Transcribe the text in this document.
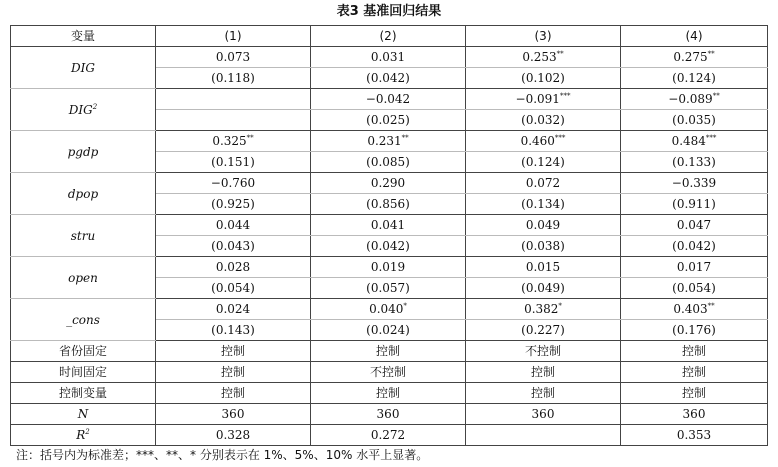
表3 基准回归结果
变量	(1)	(2)	(3)	(4)
DIG	0.073	0.031	0.253**	0.275**
	(0.118)	(0.042)	(0.102)	(0.124)
DIG$^2$		−0.042	−0.091***	−0.089**
		(0.025)	(0.032)	(0.035)
pgdp	0.325**	0.231**	0.460***	0.484***
	(0.151)	(0.085)	(0.124)	(0.133)
dpop	−0.760	0.290	0.072	−0.339
	(0.925)	(0.856)	(0.134)	(0.911)
stru	0.044	0.041	0.049	0.047
	(0.043)	(0.042)	(0.038)	(0.042)
open	0.028	0.019	0.015	0.017
	(0.054)	(0.057)	(0.049)	(0.054)
_cons	0.024	0.040*	0.382*	0.403**
	(0.143)	(0.024)	(0.227)	(0.176)
省份固定	控制	控制	不控制	控制
时间固定	控制	不控制	控制	控制
控制变量	控制	控制	控制	控制
N	360	360	360	360
$R^2$	0.328	0.272		0.353
注：括号内为标准差；***、**、* 分别表示在 1%、5%、10% 水平上显著。
